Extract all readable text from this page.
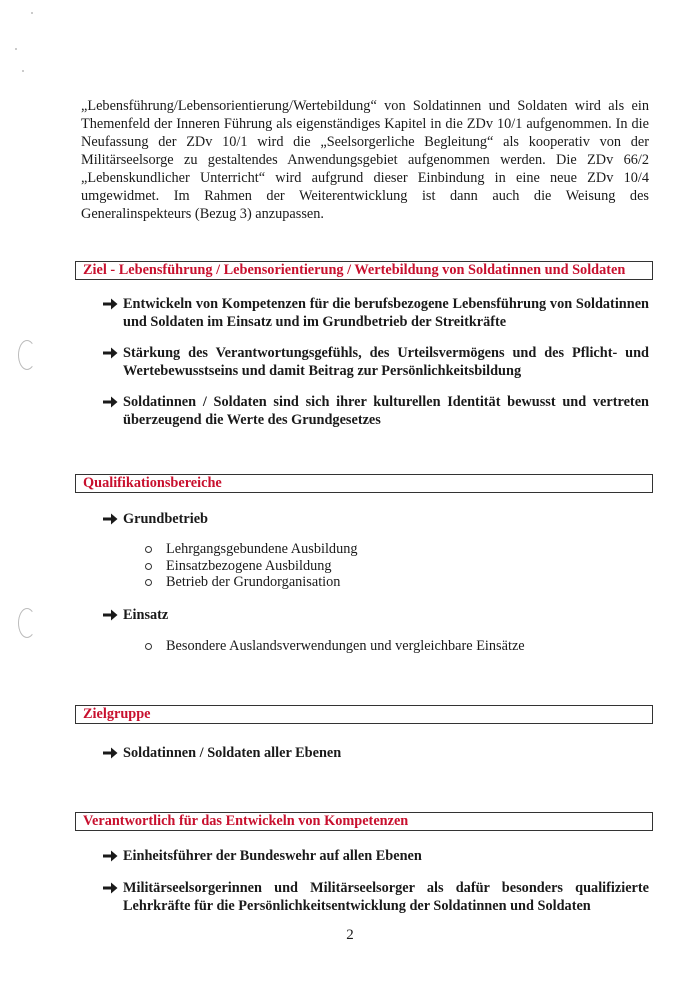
„Lebensführung/Lebensorientierung/Wertebildung“ von Soldatinnen und Soldaten wird als ein Themenfeld der Inneren Führung als eigenständiges Kapitel in die ZDv 10/1 aufgenommen. In die Neufassung der ZDv 10/1 wird die „Seelsorgerliche Begleitung“ als kooperativ von der Militärseelsorge zu gestaltendes Anwendungsgebiet aufgenommen werden. Die ZDv 66/2 „Lebenskundlicher Unterricht“ wird aufgrund dieser Einbindung in eine neue ZDv 10/4 umgewidmet. Im Rahmen der Weiterentwicklung ist dann auch die Weisung des Generalinspekteurs (Bezug 3) anzupassen.

Ziel - Lebensführung / Lebensorientierung / Wertebildung von Soldatinnen und Soldaten
Entwickeln von Kompetenzen für die berufsbezogene Lebensführung von Soldatinnen und Soldaten im Einsatz und im Grundbetrieb der Streitkräfte
Stärkung des Verantwortungsgefühls, des Urteilsvermögens und des Pflicht- und Wertebewusstseins und damit Beitrag zur Persönlichkeitsbildung
Soldatinnen / Soldaten sind sich ihrer kulturellen Identität bewusst und vertreten überzeugend die Werte des Grundgesetzes
Qualifikationsbereiche
Grundbetrieb
Lehrgangsgebundene Ausbildung
Einsatzbezogene Ausbildung
Betrieb der Grundorganisation
Einsatz
Besondere Auslandsverwendungen und vergleichbare Einsätze
Zielgruppe
Soldatinnen / Soldaten aller Ebenen
Verantwortlich für das Entwickeln von Kompetenzen
Einheitsführer der Bundeswehr auf allen Ebenen
Militärseelsorgerinnen und Militärseelsorger als dafür besonders qualifizierte Lehrkräfte für die Persönlichkeitsentwicklung der Soldatinnen und Soldaten
2
